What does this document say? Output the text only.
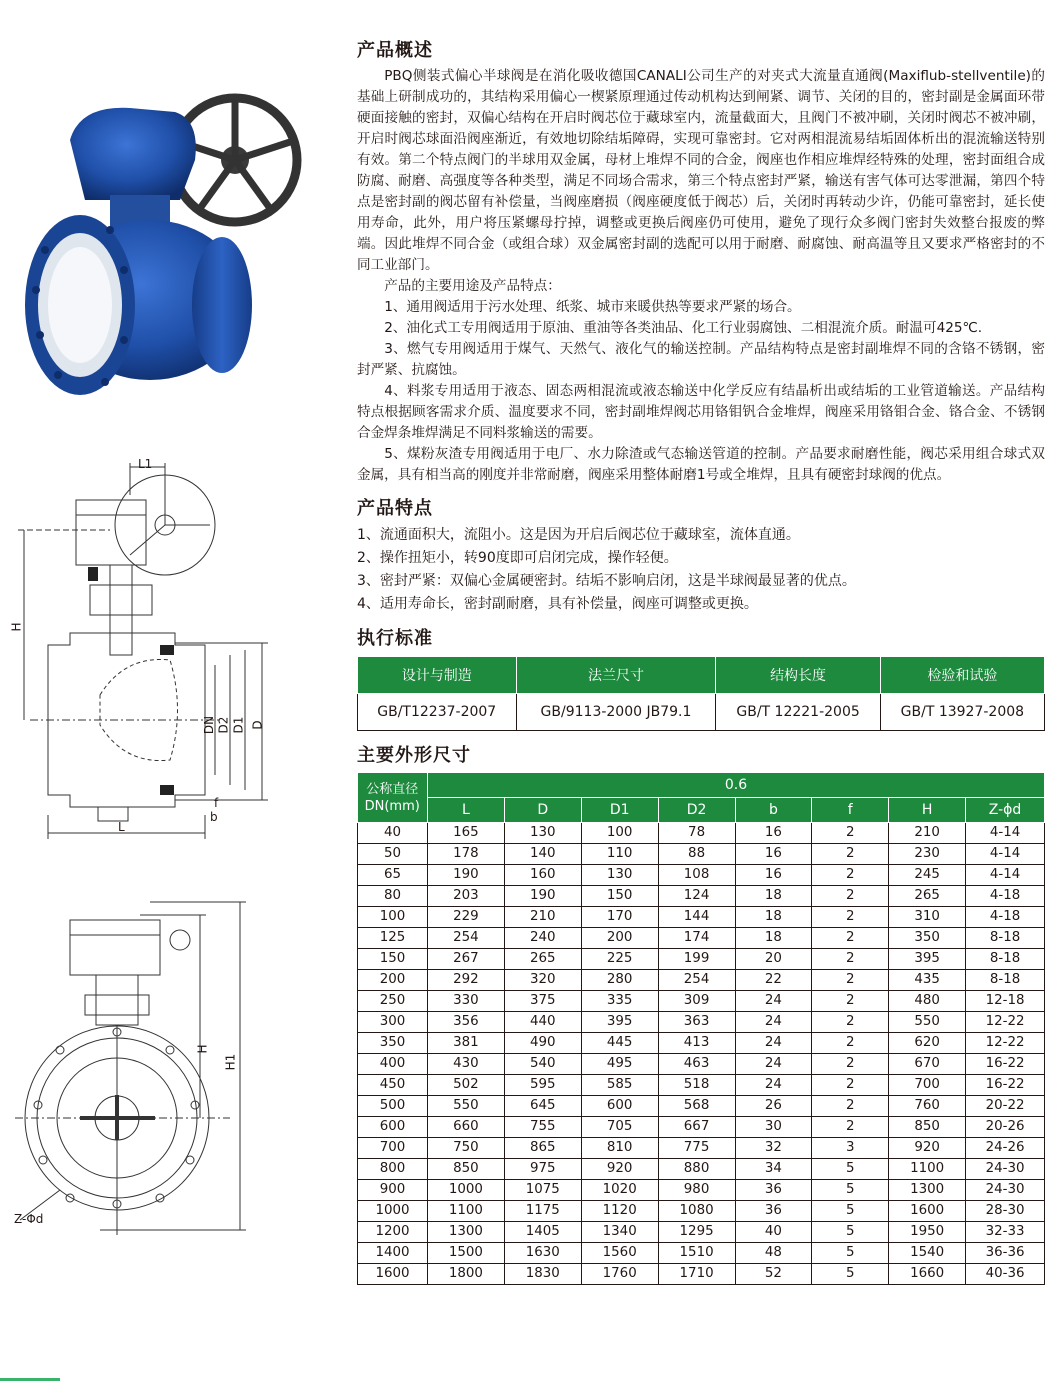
L1
H
DN D2 D1 D
f
b
L
H
H1
Z-Φd
产品概述

PBQ侧装式偏心半球阀是在消化吸收德国CANALI公司生产的对夹式大流量直通阀(Maxiflub-stellventile)的基础上研制成功的，其结构采用偏心一楔紧原理通过传动机构达到闸紧、调节、关闭的目的，密封副是金属面环带硬面接触的密封，双偏心结构在开启时阀芯位于藏球室内，流量截面大，且阀门不被冲刷，关闭时阀芯不被冲刷，开启时阀芯球面沿阀座渐近，有效地切除结垢障碍，实现可靠密封。它对两相混流易结垢固体析出的混流输送特别有效。第二个特点阀门的半球用双金属，母材上堆焊不同的合金，阀座也作相应堆焊经特殊的处理，密封面组合成防腐、耐磨、高强度等各种类型，满足不同场合需求，第三个特点密封严紧，输送有害气体可达零泄漏，第四个特点是密封副的阀芯留有补偿量，当阀座磨损（阀座硬度低于阀芯）后，关闭时再转动少许，仍能可靠密封，延长使用寿命，此外，用户将压紧螺母拧掉，调整或更换后阀座仍可使用，避免了现行众多阀门密封失效整台报废的弊端。因此堆焊不同合金（或组合球）双金属密封副的选配可以用于耐磨、耐腐蚀、耐高温等且又要求严格密封的不同工业部门。

产品的主要用途及产品特点：

1、通用阀适用于污水处理、纸浆、城市来暖供热等要求严紧的场合。

2、油化式工专用阀适用于原油、重油等各类油品、化工行业弱腐蚀、二相混流介质。耐温可425℃.

3、燃气专用阀适用于煤气、天然气、液化气的输送控制。产品结构特点是密封副堆焊不同的含铬不锈钢，密封严紧、抗腐蚀。

4、料浆专用适用于液态、固态两相混流或液态输送中化学反应有结晶析出或结垢的工业管道输送。产品结构特点根据顾客需求介质、温度要求不同，密封副堆焊阀芯用铬钼钒合金堆焊，阀座采用铬钼合金、铬合金、不锈钢合金焊条堆焊满足不同料浆输送的需要。

5、煤粉灰渣专用阀适用于电厂、水力除渣或气态输送管道的控制。产品要求耐磨性能，阀芯采用组合球式双金属，具有相当高的刚度并非常耐磨，阀座采用整体耐磨1号或全堆焊，且具有硬密封球阀的优点。

产品特点

1、流通面积大，流阻小。这是因为开启后阀芯位于藏球室，流体直通。

2、操作扭矩小，转90度即可启闭完成，操作轻便。

3、密封严紧：双偏心金属硬密封。结垢不影响启闭，这是半球阀最显著的优点。

4、适用寿命长，密封副耐磨，具有补偿量，阀座可调整或更换。

执行标准
设计与制造	法兰尺寸	结构长度	检验和试验
GB/T12237-2007	GB/9113-2000 JB79.1	GB/T 12221-2005	GB/T 13927-2008
主要外形尺寸
公称直径
DN(mm)	0.6							
	L	D	D1	D2	b	f	H	Z-ϕd
40	165	130	100	78	16	2	210	4-14
50	178	140	110	88	16	2	230	4-14
65	190	160	130	108	16	2	245	4-14
80	203	190	150	124	18	2	265	4-18
100	229	210	170	144	18	2	310	4-18
125	254	240	200	174	18	2	350	8-18
150	267	265	225	199	20	2	395	8-18
200	292	320	280	254	22	2	435	8-18
250	330	375	335	309	24	2	480	12-18
300	356	440	395	363	24	2	550	12-22
350	381	490	445	413	24	2	620	12-22
400	430	540	495	463	24	2	670	16-22
450	502	595	585	518	24	2	700	16-22
500	550	645	600	568	26	2	760	20-22
600	660	755	705	667	30	2	850	20-26
700	750	865	810	775	32	3	920	24-26
800	850	975	920	880	34	5	1100	24-30
900	1000	1075	1020	980	36	5	1300	24-30
1000	1100	1175	1120	1080	36	5	1600	28-30
1200	1300	1405	1340	1295	40	5	1950	32-33
1400	1500	1630	1560	1510	48	5	1540	36-36
1600	1800	1830	1760	1710	52	5	1660	40-36
